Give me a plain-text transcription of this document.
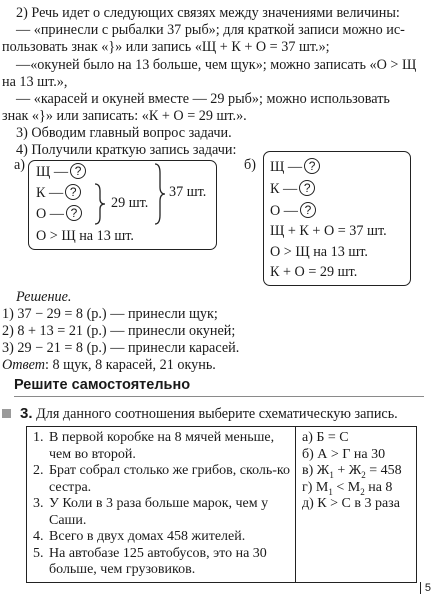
2) Речь идет о следующих связях между значениями величины:
— «принесли с рыбалки 37 рыб»; для краткой записи можно ис-
пользовать знак «}» или запись «Щ + К + О = 37 шт.»;
—«окуней было на 13 больше, чем щук»; можно записать «О > Щ
на 13 шт.»,
— «карасей и окуней вместе — 29 рыб»; можно использовать
знак «}» или записать: «К + О = 29 шт.».
3) Обводим главный вопрос задачи.
4) Получили краткую запись задачи:
а) Щ — ?
К — ?
О — ?
29 шт.
37 шт.
О > Щ на 13 шт.
б) Щ — ?
К — ?
О — ?
Щ + К + О = 37 шт.
О > Щ на 13 шт.
К + О = 29 шт.
Решение.
1) 37 − 29 = 8 (р.) — принесли щук;
2) 8 + 13 = 21 (р.) — принесли окуней;
3) 29 − 21 = 8 (р.) — принесли карасей.
Ответ: 8 щук, 8 карасей, 21 окунь.
Решите самостоятельно
3. Для данного соотношения выберите схематическую запись.
1. В первой коробке на 8 мячей меньше, чем во второй.
2. Брат собрал столько же грибов, сколь-ко сестра.
3. У Коли в 3 раза больше марок, чем у Саши.
4. Всего в двух домах 458 жителей.
5. На автобазе 125 автобусов, это на 30 больше, чем грузовиков.

а) Б = С
б) А > Г на 30
в) $Ж_1 + Ж_2 = 458$
г) $М_1 < М_2$ на 8
д) К > С в 3 раза
5
